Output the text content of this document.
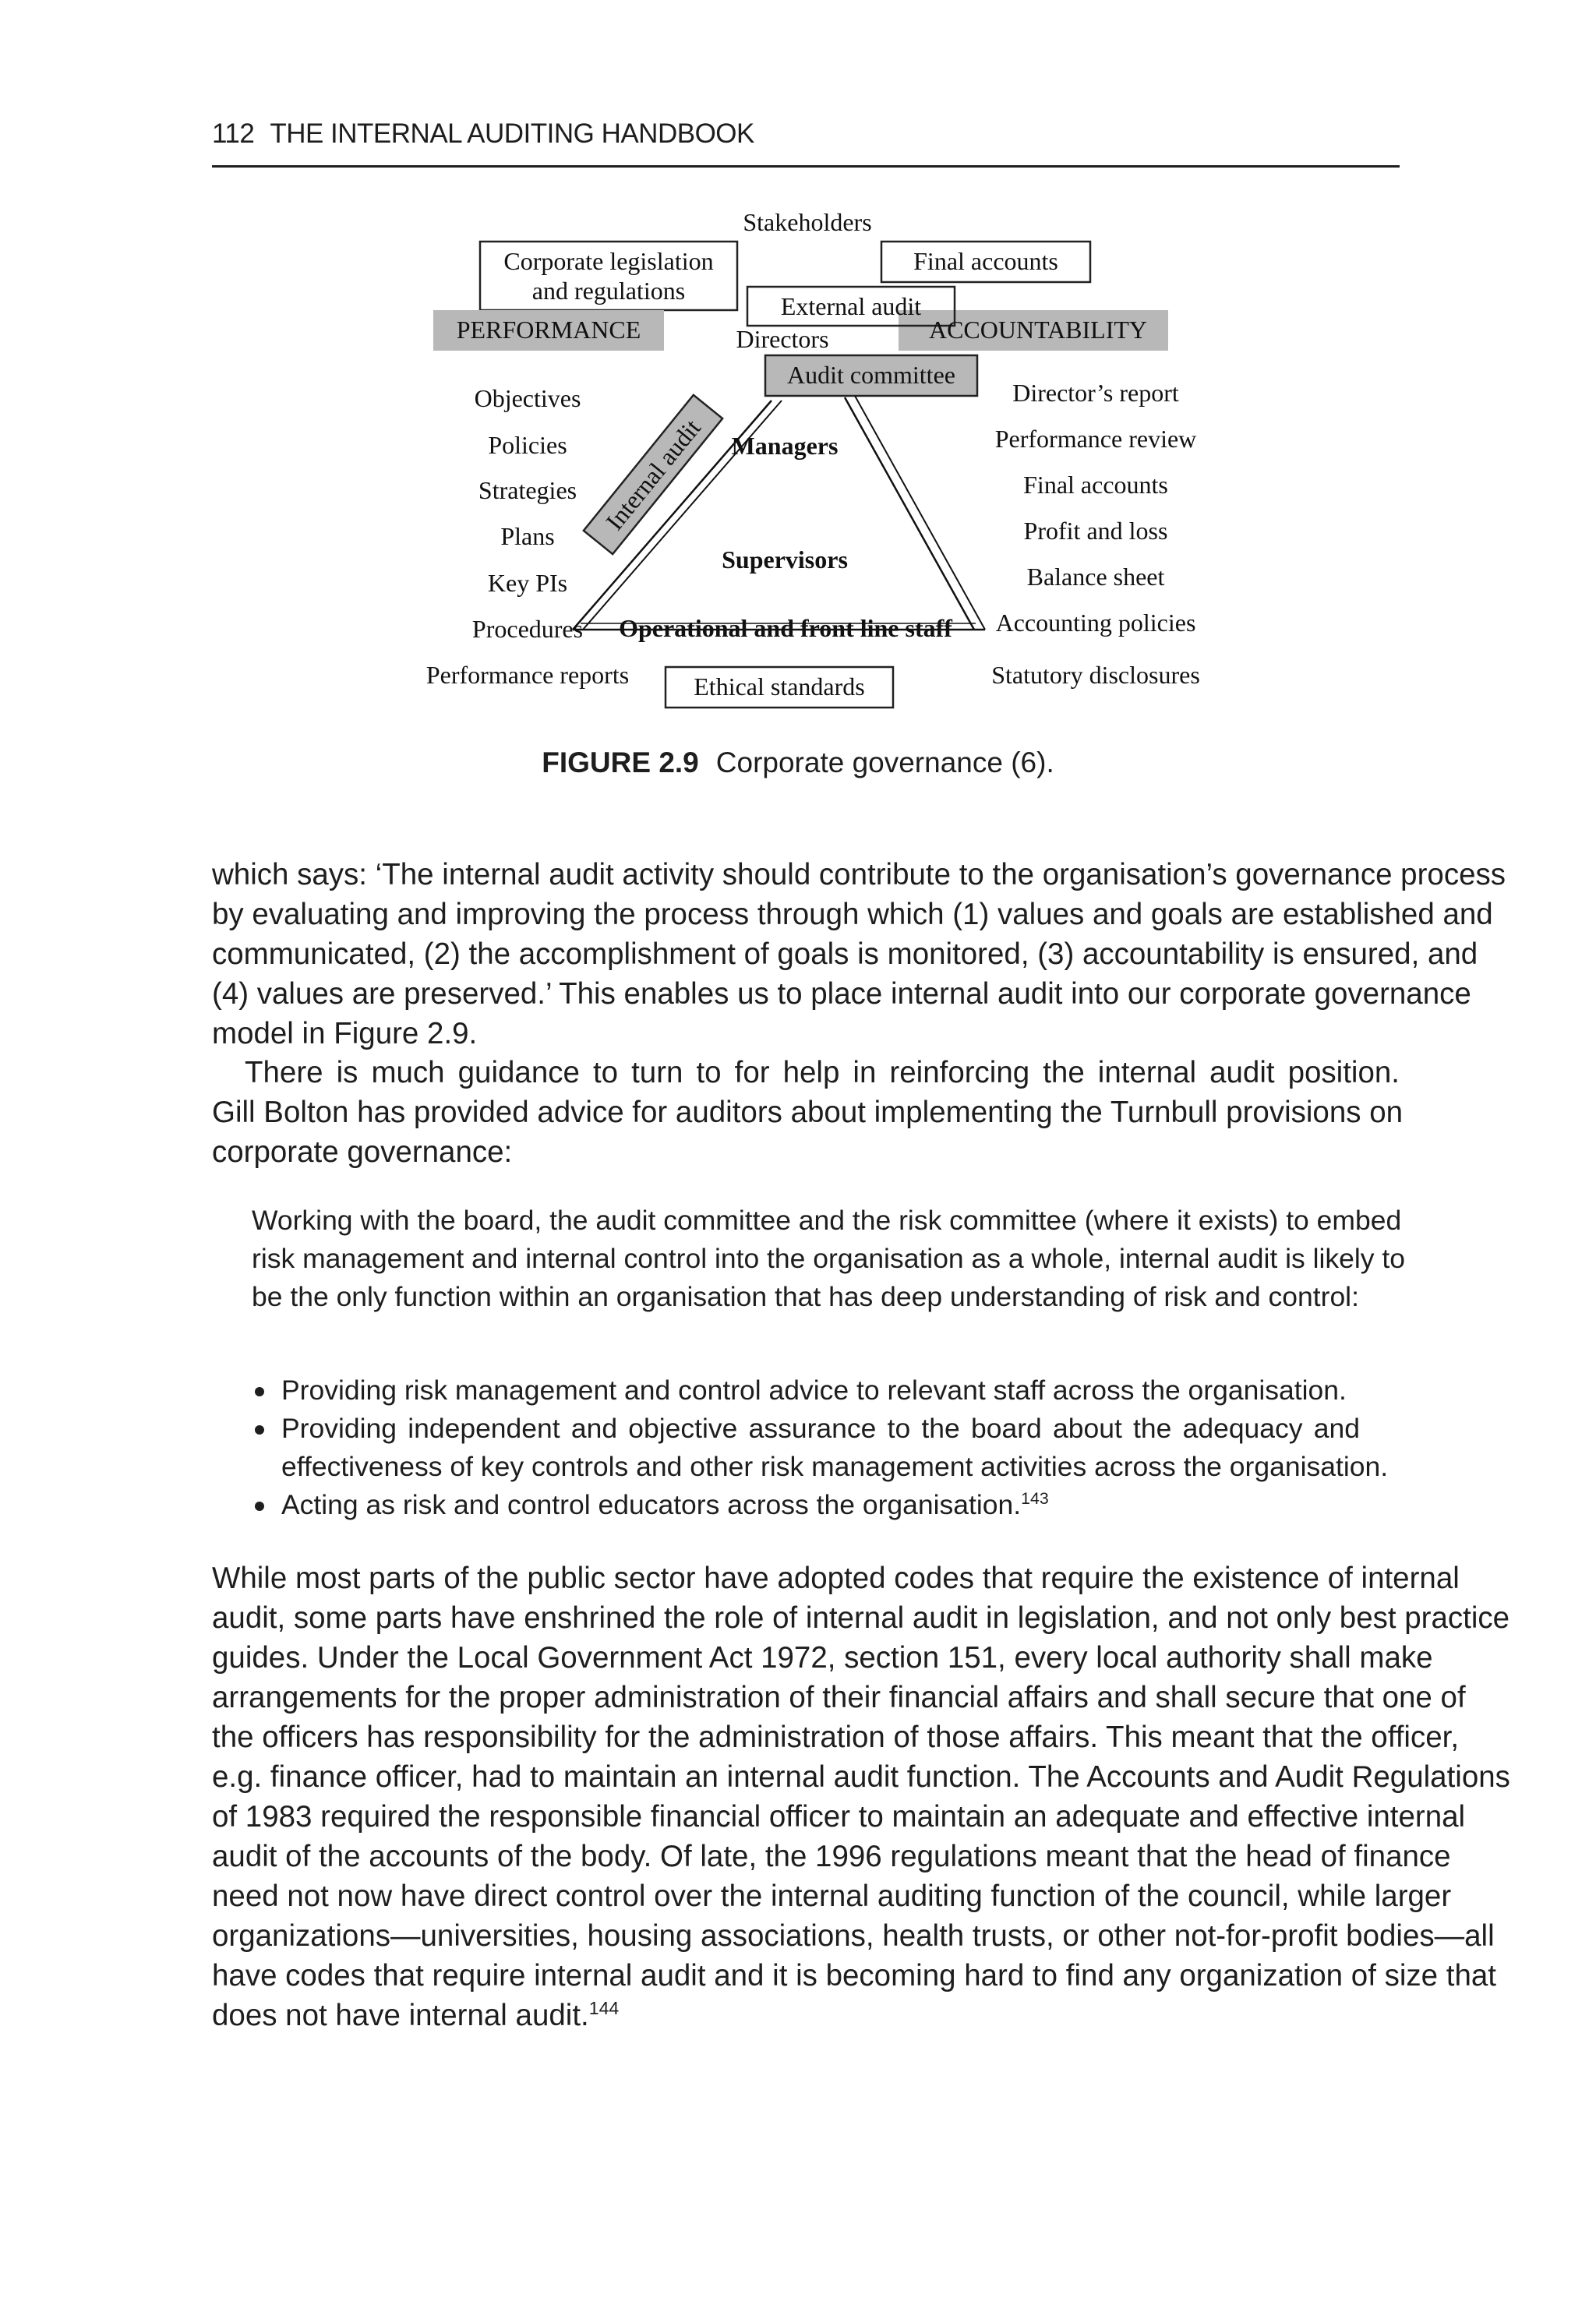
112 THE INTERNAL AUDITING HANDBOOK
Stakeholders
Corporate legislation
and regulations
Final accounts
PERFORMANCE
External audit
ACCOUNTABILITY
Directors
Audit committee
Internal audit Managers
Supervisors
Operational and front line staff
Ethical standards
Objectives
Policies
Strategies
Plans
Key PIs
Procedures
Performance reports
Director’s report
Performance review
Final accounts
Profit and loss
Balance sheet
Accounting policies
Statutory disclosures
FIGURE 2.9 Corporate governance (6).
which says: ‘The internal audit activity should contribute to the organisation’s governance process
by evaluating and improving the process through which (1) values and goals are established and
communicated, (2) the accomplishment of goals is monitored, (3) accountability is ensured, and
(4) values are preserved.’ This enables us to place internal audit into our corporate governance
model in Figure 2.9.
There is much guidance to turn to for help in reinforcing the internal audit position.
Gill Bolton has provided advice for auditors about implementing the Turnbull provisions on
corporate governance:
Working with the board, the audit committee and the risk committee (where it exists) to embed
risk management and internal control into the organisation as a whole, internal audit is likely to
be the only function within an organisation that has deep understanding of risk and control:
Providing risk management and control advice to relevant staff across the organisation.
Providing independent and objective assurance to the board about the adequacy and
effectiveness of key controls and other risk management activities across the organisation.
Acting as risk and control educators across the organisation.$^{143}$
While most parts of the public sector have adopted codes that require the existence of internal
audit, some parts have enshrined the role of internal audit in legislation, and not only best practice
guides. Under the Local Government Act 1972, section 151, every local authority shall make
arrangements for the proper administration of their financial affairs and shall secure that one of
the officers has responsibility for the administration of those affairs. This meant that the officer,
e.g. finance officer, had to maintain an internal audit function. The Accounts and Audit Regulations
of 1983 required the responsible financial officer to maintain an adequate and effective internal
audit of the accounts of the body. Of late, the 1996 regulations meant that the head of finance
need not now have direct control over the internal auditing function of the council, while larger
organizations—universities, housing associations, health trusts, or other not-for-profit bodies—all
have codes that require internal audit and it is becoming hard to find any organization of size that
does not have internal audit.$^{144}$
